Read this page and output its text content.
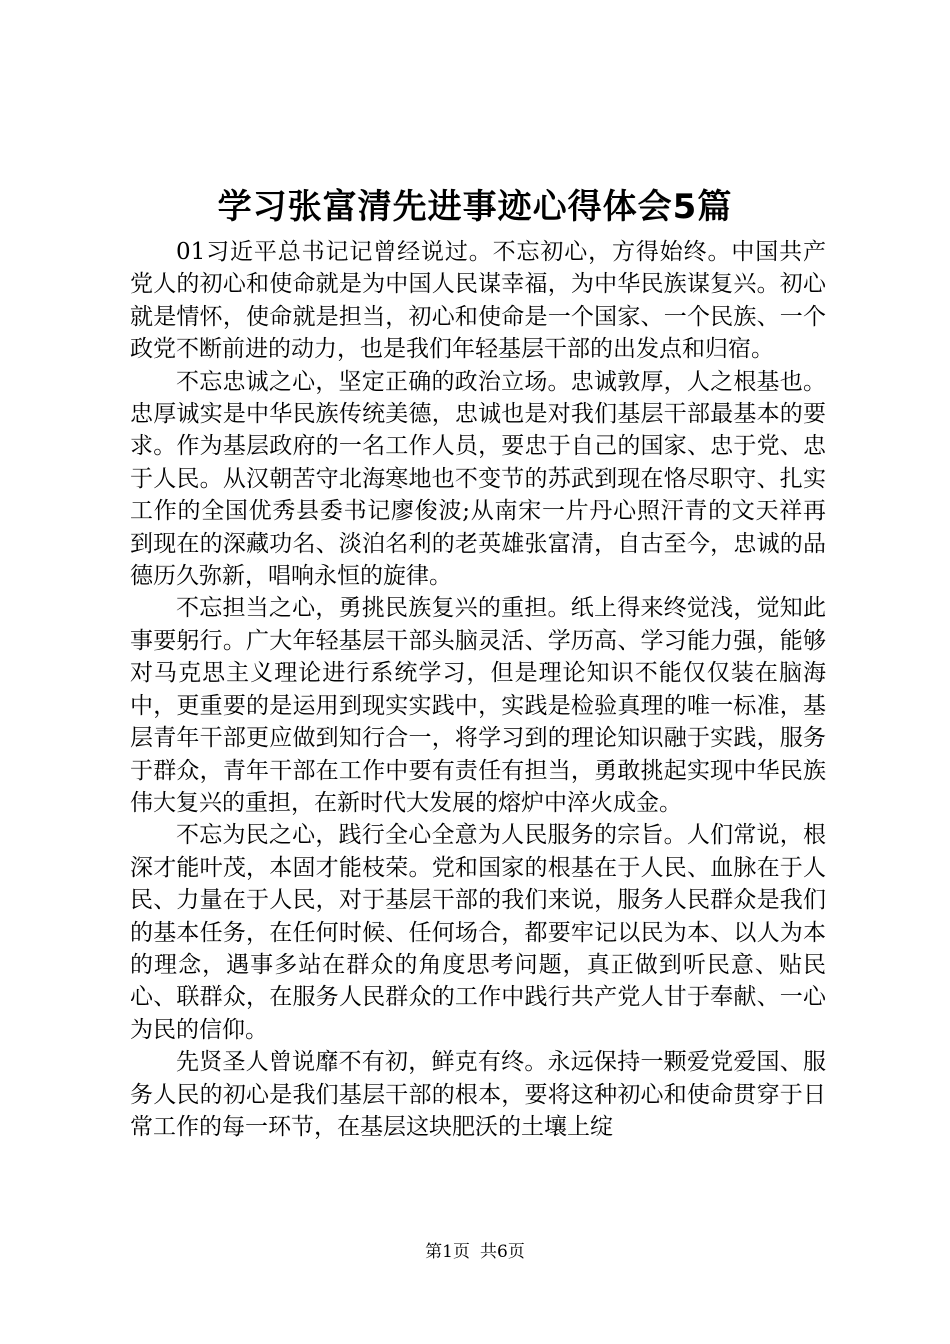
学习张富清先进事迹心得体会5篇

01习近平总书记记曾经说过。不忘初心，方得始终。中国共产党人的初心和使命就是为中国人民谋幸福，为中华民族谋复兴。初心就是情怀，使命就是担当，初心和使命是一个国家、一个民族、一个政党不断前进的动力，也是我们年轻基层干部的出发点和归宿。

不忘忠诚之心，坚定正确的政治立场。忠诚敦厚，人之根基也。忠厚诚实是中华民族传统美德，忠诚也是对我们基层干部最基本的要求。作为基层政府的一名工作人员，要忠于自己的国家、忠于党、忠于人民。从汉朝苦守北海寒地也不变节的苏武到现在恪尽职守、扎实工作的全国优秀县委书记廖俊波;从南宋一片丹心照汗青的文天祥再到现在的深藏功名、淡泊名利的老英雄张富清，自古至今，忠诚的品德历久弥新，唱响永恒的旋律。

不忘担当之心，勇挑民族复兴的重担。纸上得来终觉浅，觉知此事要躬行。广大年轻基层干部头脑灵活、学历高、学习能力强，能够对马克思主义理论进行系统学习，但是理论知识不能仅仅装在脑海中，更重要的是运用到现实实践中，实践是检验真理的唯一标准，基层青年干部更应做到知行合一，将学习到的理论知识融于实践，服务于群众，青年干部在工作中要有责任有担当，勇敢挑起实现中华民族伟大复兴的重担，在新时代大发展的熔炉中淬火成金。

不忘为民之心，践行全心全意为人民服务的宗旨。人们常说，根深才能叶茂，本固才能枝荣。党和国家的根基在于人民、血脉在于人民、力量在于人民，对于基层干部的我们来说，服务人民群众是我们的基本任务，在任何时候、任何场合，都要牢记以民为本、以人为本的理念，遇事多站在群众的角度思考问题，真正做到听民意、贴民心、联群众，在服务人民群众的工作中践行共产党人甘于奉献、一心为民的信仰。

先贤圣人曾说靡不有初，鲜克有终。永远保持一颗爱党爱国、服务人民的初心是我们基层干部的根本，要将这种初心和使命贯穿于日常工作的每一环节，在基层这块肥沃的土壤上绽

第1页 共6页
